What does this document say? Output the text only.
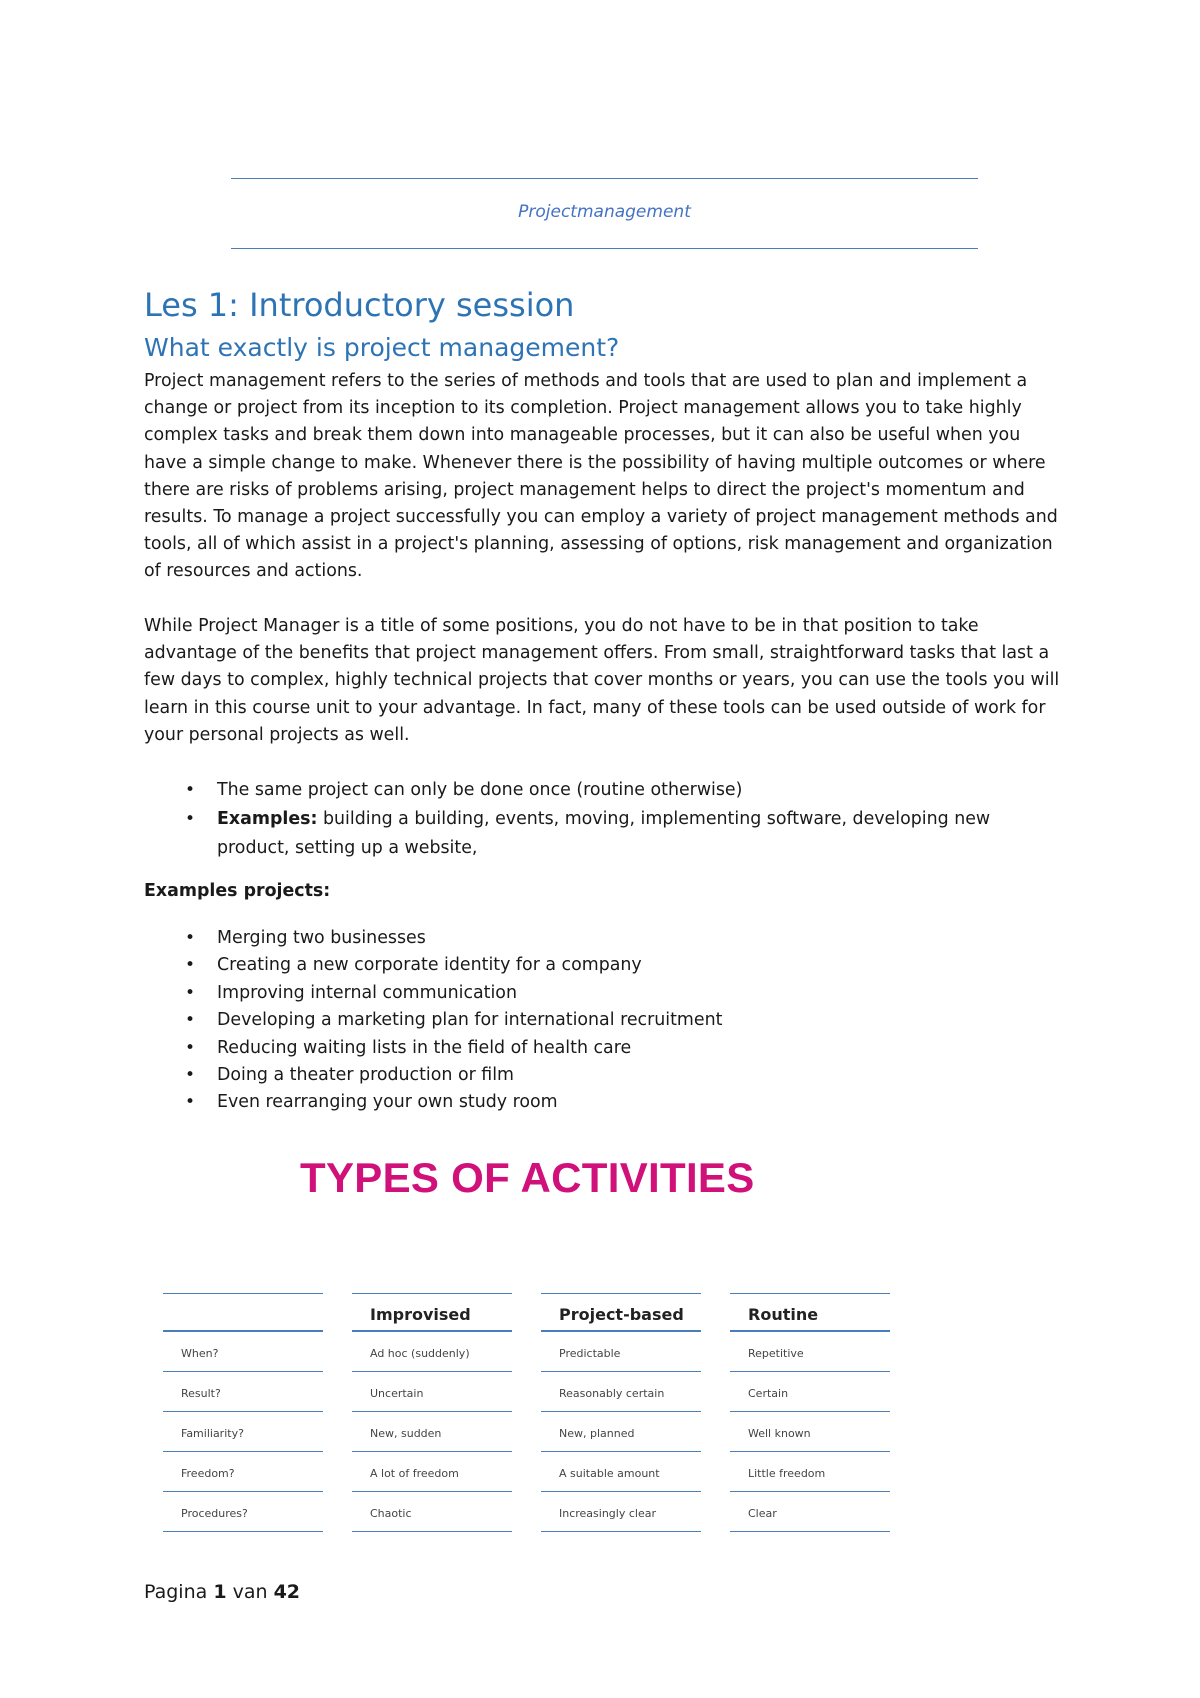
Projectmanagement
Les 1: Introductory session
What exactly is project management?

Project management refers to the series of methods and tools that are used to plan and implement a change or project from its inception to its completion. Project management allows you to take highly complex tasks and break them down into manageable processes, but it can also be useful when you have a simple change to make. Whenever there is the possibility of having multiple outcomes or where there are risks of problems arising, project management helps to direct the project's momentum and results. To manage a project successfully you can employ a variety of project management methods and tools, all of which assist in a project's planning, assessing of options, risk management and organization of resources and actions.

While Project Manager is a title of some positions, you do not have to be in that position to take advantage of the benefits that project management offers. From small, straightforward tasks that last a few days to complex, highly technical projects that cover months or years, you can use the tools you will learn in this course unit to your advantage. In fact, many of these tools can be used outside of work for your personal projects as well.

• The same project can only be done once (routine otherwise)
• Examples: building a building, events, moving, implementing software, developing new product, setting up a website,

Examples projects:

• Merging two businesses
• Creating a new corporate identity for a company
• Improving internal communication
• Developing a marketing plan for international recruitment
• Reducing waiting lists in the field of health care
• Doing a theater production or film
• Even rearranging your own study room

TYPES OF ACTIVITIES

When?
Result?
Familiarity?
Freedom?
Procedures?
Improvised
Ad hoc (suddenly)
Uncertain
New, sudden
A lot of freedom
Chaotic
Project-based
Predictable
Reasonably certain
New, planned
A suitable amount
Increasingly clear
Routine
Repetitive
Certain
Well known
Little freedom
Clear

Pagina 1 van 42
